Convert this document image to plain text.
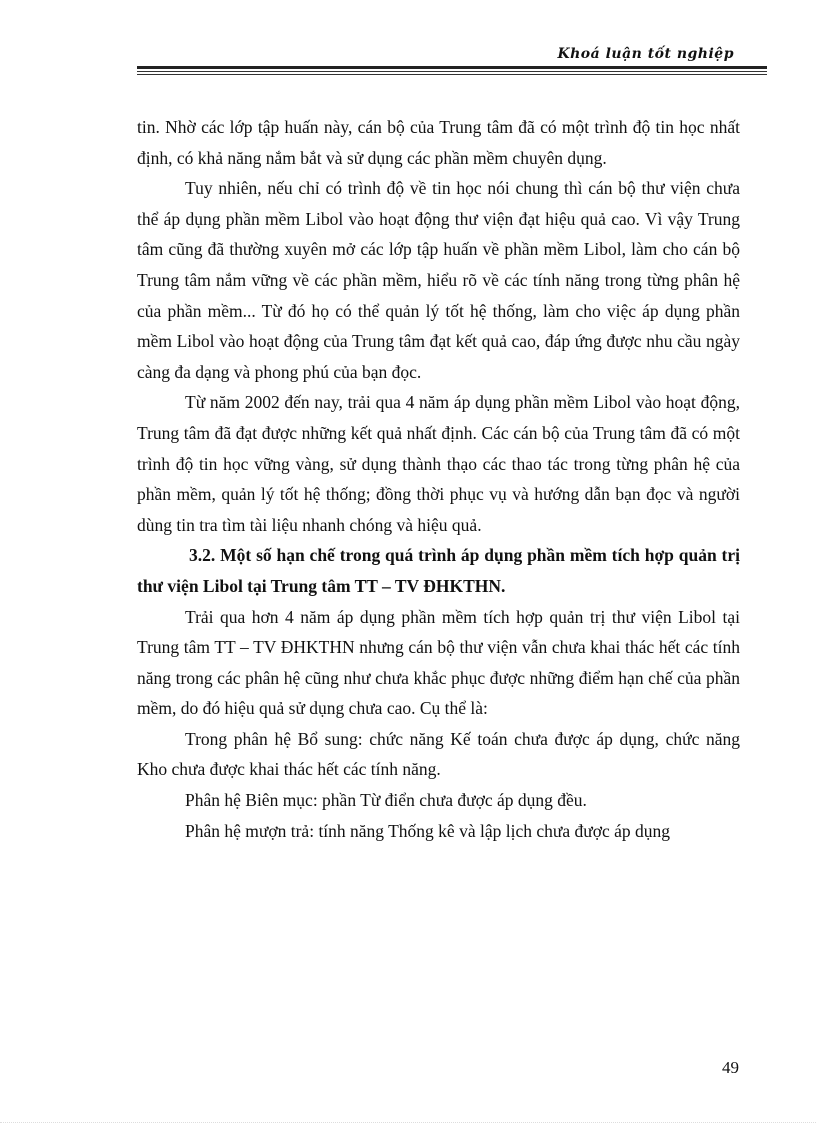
Khoá luận tốt nghiệp

tin. Nhờ các lớp tập huấn này, cán bộ của Trung tâm đã có một trình độ tin học nhất định, có khả năng nắm bắt và sử dụng các phần mềm chuyên dụng.

Tuy nhiên, nếu chỉ có trình độ về tin học nói chung thì cán bộ thư viện chưa thể áp dụng phần mềm Libol vào hoạt động thư viện đạt hiệu quả cao. Vì vậy Trung tâm cũng đã thường xuyên mở các lớp tập huấn về phần mềm Libol, làm cho cán bộ Trung tâm nắm vững về các phần mềm, hiểu rõ về các tính năng trong từng phân hệ của phần mềm... Từ đó họ có thể quản lý tốt hệ thống, làm cho việc áp dụng phần mềm Libol vào hoạt động của Trung tâm đạt kết quả cao, đáp ứng được nhu cầu ngày càng đa dạng và phong phú của bạn đọc.

Từ năm 2002 đến nay, trải qua 4 năm áp dụng phần mềm Libol vào hoạt động, Trung tâm đã đạt được những kết quả nhất định. Các cán bộ của Trung tâm đã có một trình độ tin học vững vàng, sử dụng thành thạo các thao tác trong từng phân hệ của phần mềm, quản lý tốt hệ thống; đồng thời phục vụ và hướng dẫn bạn đọc và người dùng tin tra tìm tài liệu nhanh chóng và hiệu quả.

3.2. Một số hạn chế trong quá trình áp dụng phần mềm tích hợp quản trị thư viện Libol tại Trung tâm TT – TV ĐHKTHN.

Trải qua hơn 4 năm áp dụng phần mềm tích hợp quản trị thư viện Libol tại Trung tâm TT – TV ĐHKTHN nhưng cán bộ thư viện vẫn chưa khai thác hết các tính năng trong các phân hệ cũng như chưa khắc phục được những điểm hạn chế của phần mềm, do đó hiệu quả sử dụng chưa cao. Cụ thể là:

Trong phân hệ Bổ sung: chức năng Kế toán chưa được áp dụng, chức năng Kho chưa được khai thác hết các tính năng.

Phân hệ Biên mục: phần Từ điển chưa được áp dụng đều.

Phân hệ mượn trả: tính năng Thống kê và lập lịch chưa được áp dụng

49
